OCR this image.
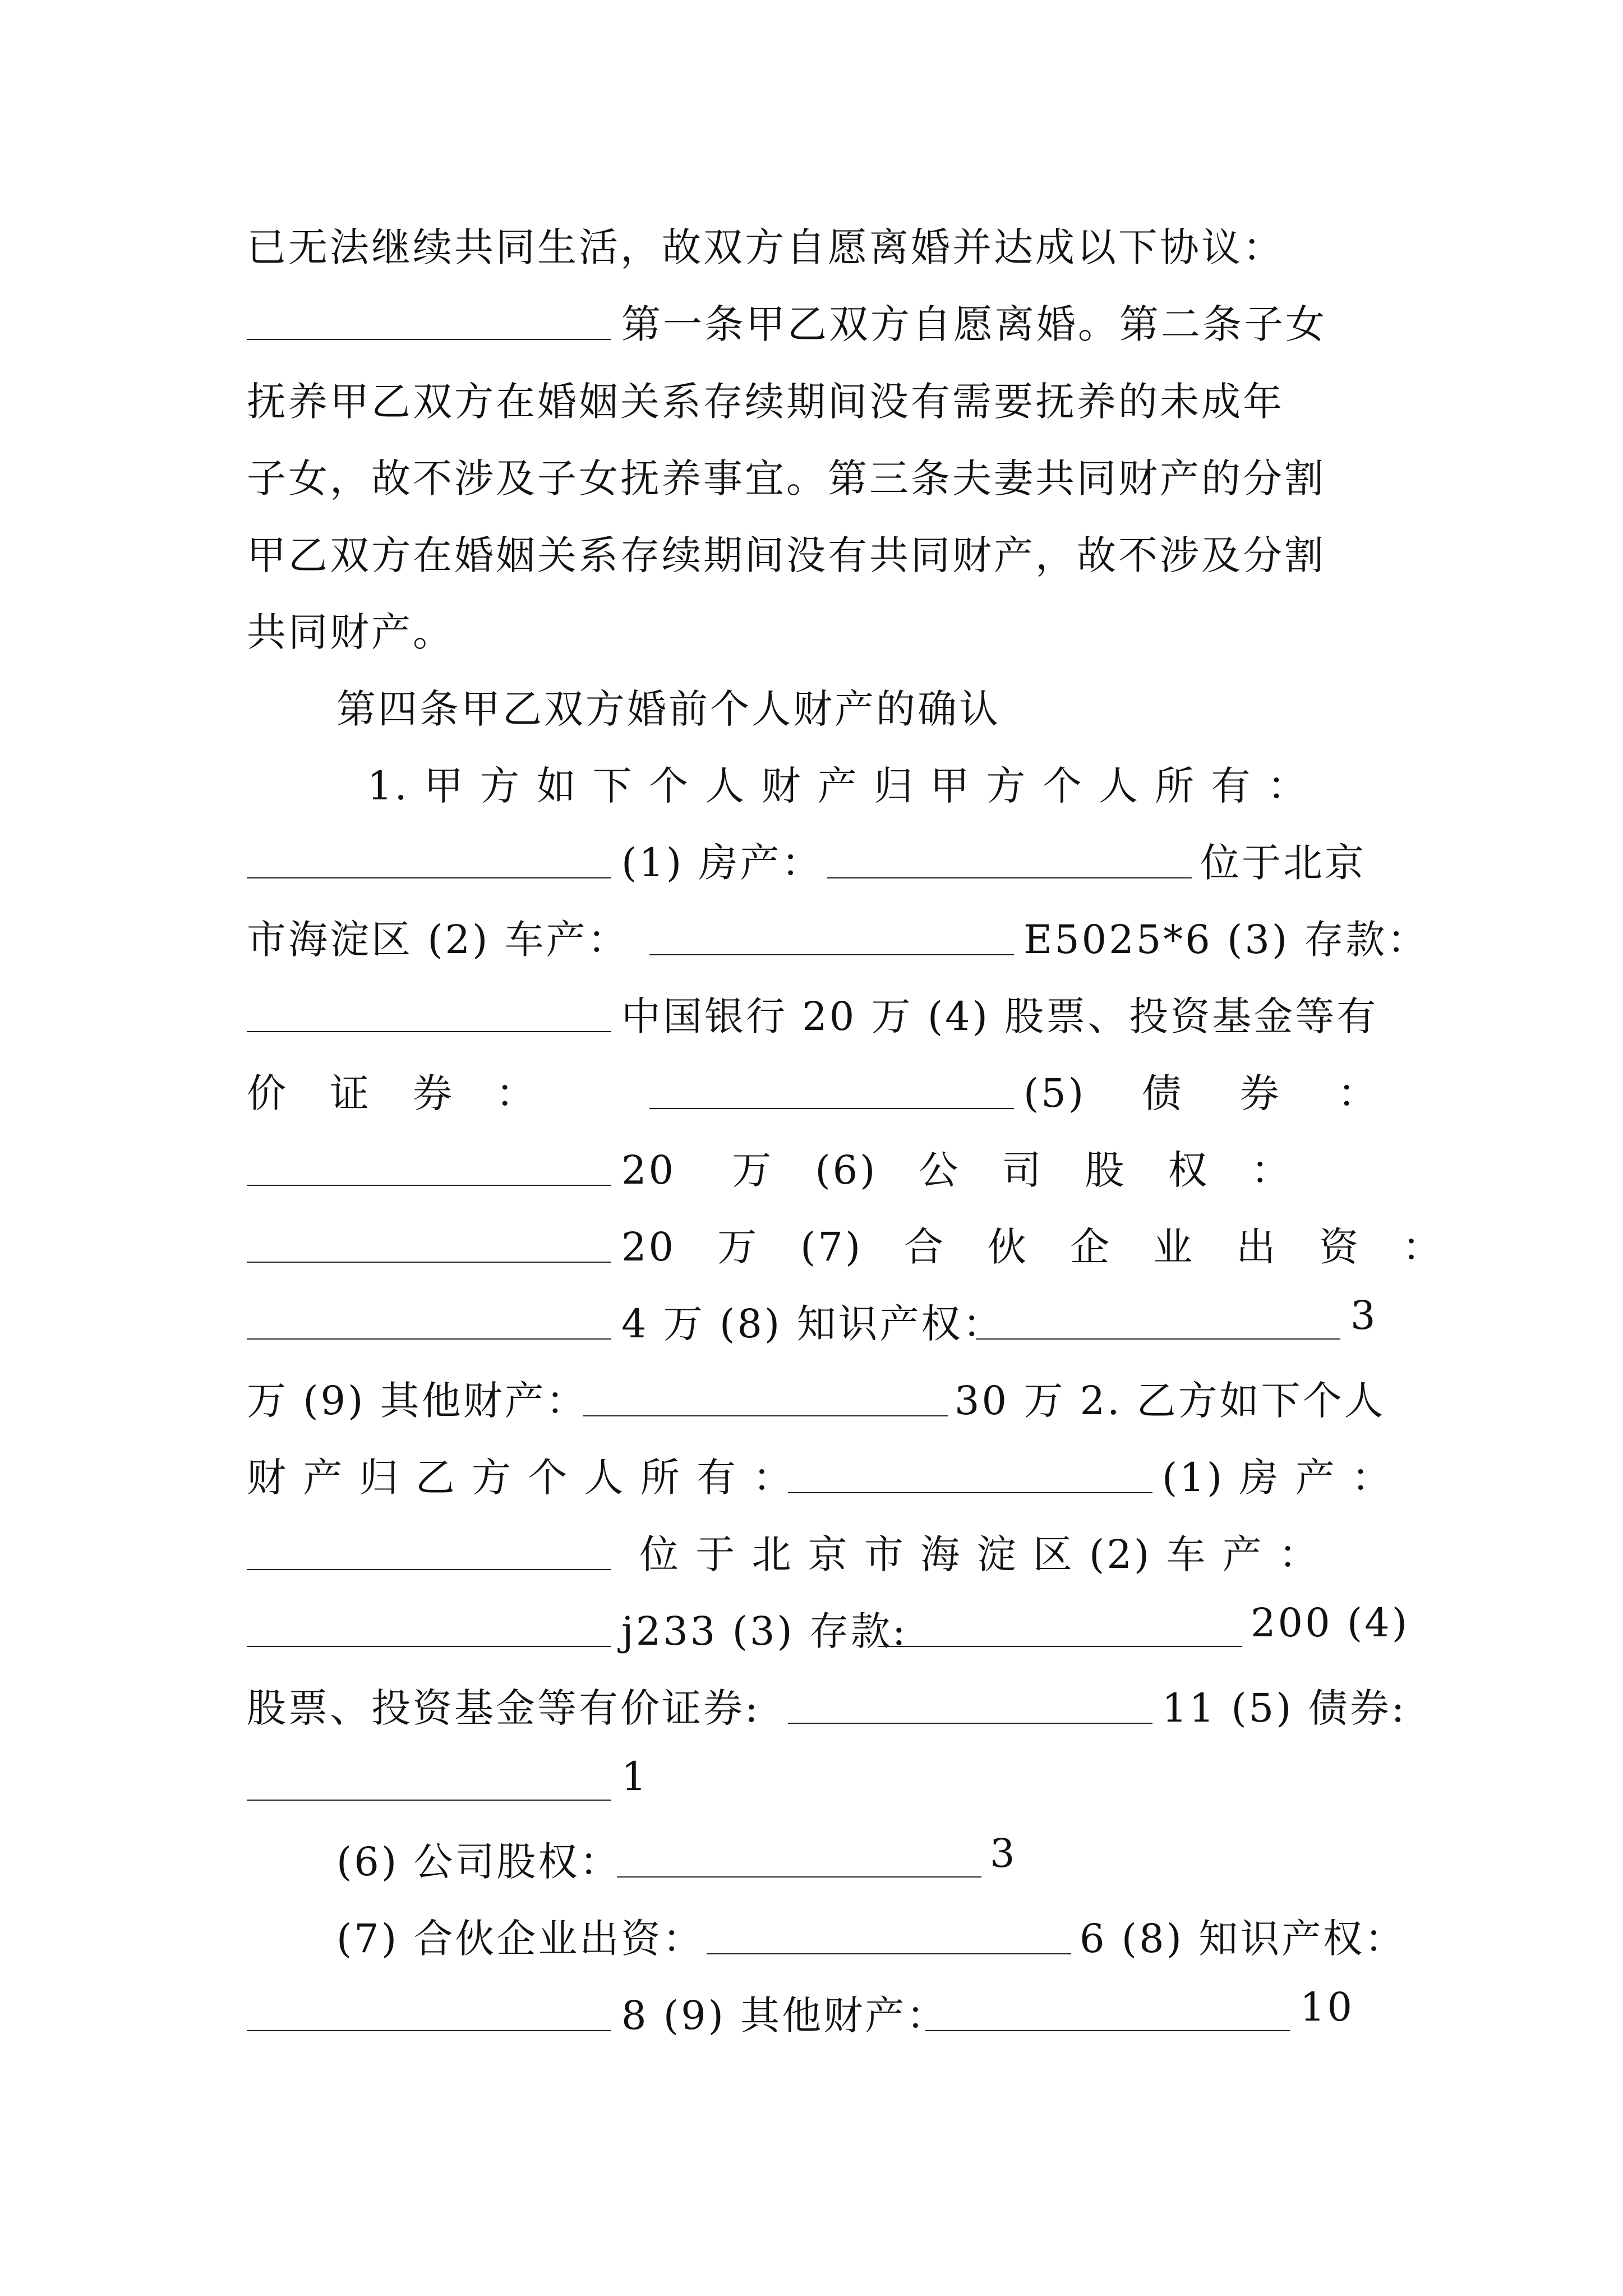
已无法继续共同生活，故双方自愿离婚并达成以下协议：
第一条甲乙双方自愿离婚。第二条子女
抚养甲乙双方在婚姻关系存续期间没有需要抚养的未成年
子女，故不涉及子女抚养事宜。第三条夫妻共同财产的分割
甲乙双方在婚姻关系存续期间没有共同财产，故不涉及分割
共同财产。
第四条甲乙双方婚前个人财产的确认
1. 甲 方 如 下 个 人 财 产 归 甲 方 个 人 所 有 ：
(1) 房产：	位于北京
市海淀区 (2) 车产：	E5025*6 (3) 存款：
中国银行 20 万 (4) 股票、投资基金等有
价　证　券　：	(5)　 债　 券　 ：
20　 万　(6)　公　司　股　权　：
20　万　(7)　合　伙　企　业　出　资　：
4 万 (8) 知识产权：	3
万 (9) 其他财产：	30 万 2. 乙方如下个人
财 产 归 乙 方 个 人 所 有 ：	(1) 房 产 ：
位 于 北 京 市 海 淀 区 (2) 车 产 ：
j233 (3) 存款:	200 (4)
股票、投资基金等有价证券:	11 (5) 债券:
1
(6) 公司股权：	3
(7) 合伙企业出资：	6 (8) 知识产权：
8 (9) 其他财产：	10
